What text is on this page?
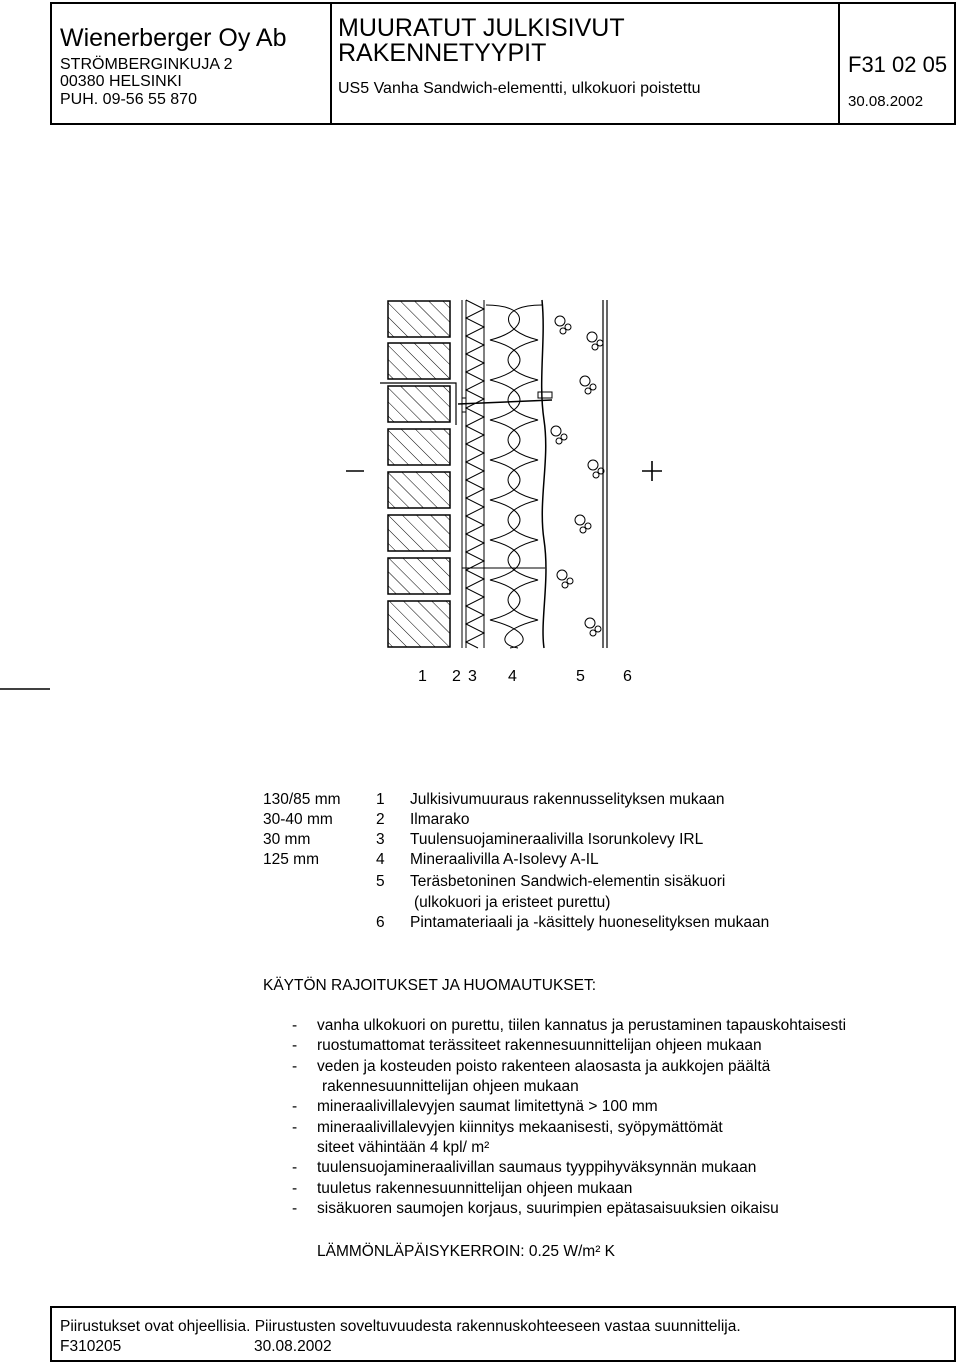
Wienerberger Oy Ab
STRÖMBERGINKUJA 2
00380 HELSINKI
PUH. 09-56 55 870
MUURATUT JULKISIVUT
RAKENNETYYPIT
US5 Vanha Sandwich-elementti, ulkokuori poistettu
F31 02 05
30.08.2002
1 2 3 4	5 6
130/85 mm 1 Julkisivumuuraus rakennusselityksen mukaan
30-40 mm	2 Ilmarako
30 mm	3 Tuulensuojamineraalivilla Isorunkolevy IRL
125 mm	4 Mineraalivilla A-Isolevy A-IL
5 Teräsbetoninen Sandwich-elementin sisäkuori
(ulkokuori ja eristeet purettu)
6 Pintamateriaali ja -käsittely huoneselityksen mukaan
KÄYTÖN RAJOITUKSET JA HUOMAUTUKSET:
- vanha ulkokuori on purettu, tiilen kannatus ja perustaminen tapauskohtaisesti
- ruostumattomat terässiteet rakennesuunnittelijan ohjeen mukaan
- veden ja kosteuden poisto rakenteen alaosasta ja aukkojen päältä
rakennesuunnittelijan ohjeen mukaan
- mineraalivillalevyjen saumat limitettynä > 100 mm
- mineraalivillalevyjen kiinnitys mekaanisesti, syöpymättömät
siteet vähintään 4 kpl/ m²
- tuulensuojamineraalivillan saumaus tyyppihyväksynnän mukaan
- tuuletus rakennesuunnittelijan ohjeen mukaan
- sisäkuoren saumojen korjaus, suurimpien epätasaisuuksien oikaisu
LÄMMÖNLÄPÄISYKERROIN: 0.25 W/m² K
Piirustukset ovat ohjeellisia. Piirustusten soveltuvuudesta rakennuskohteeseen vastaa suunnittelija.
F310205	30.08.2002
